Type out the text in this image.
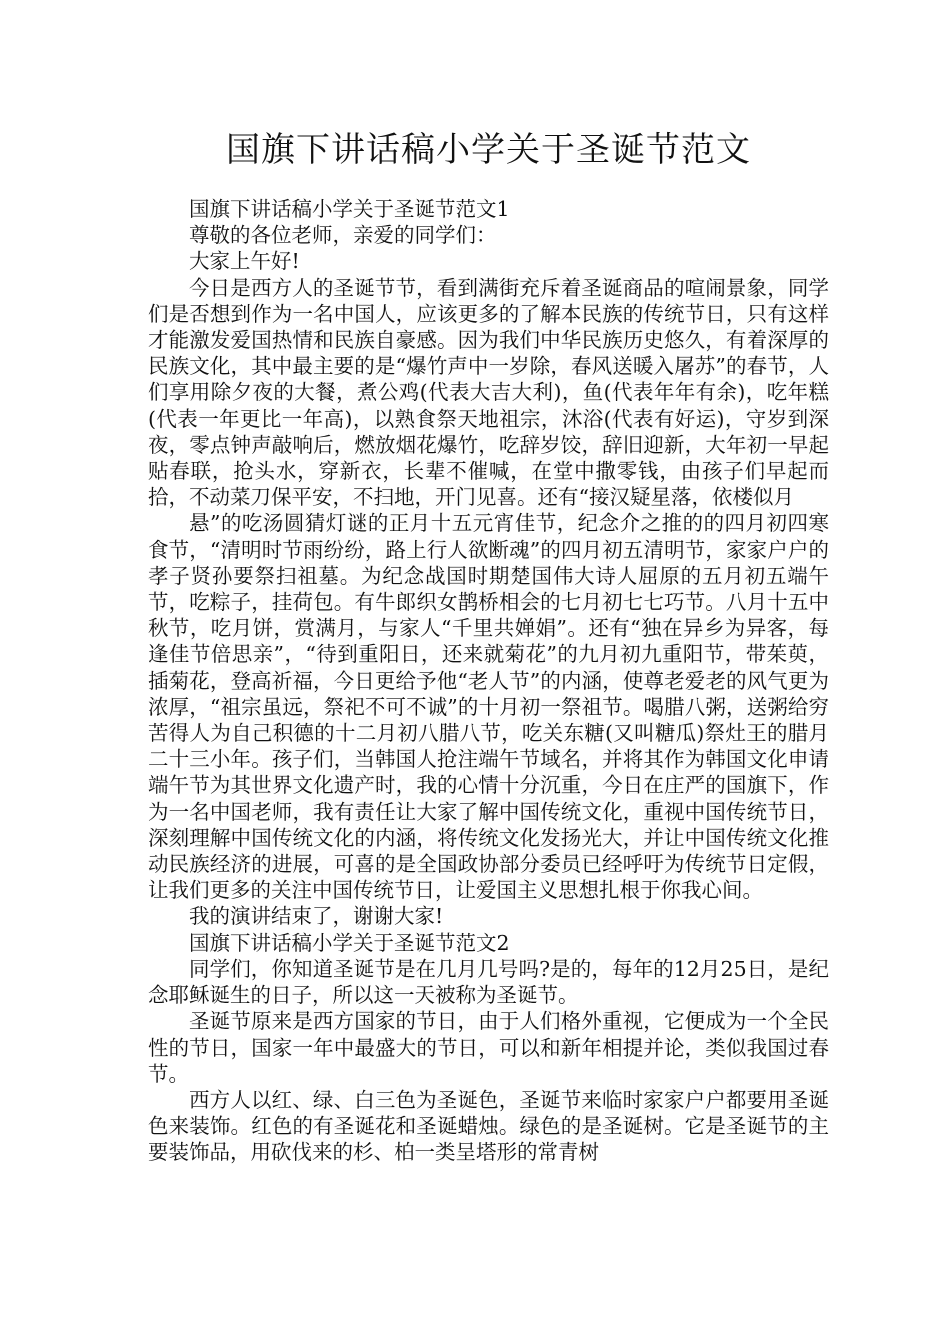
国旗下讲话稿小学关于圣诞节范文

国旗下讲话稿小学关于圣诞节范文1

尊敬的各位老师，亲爱的同学们：

大家上午好!

今日是西方人的圣诞节节，看到满街充斥着圣诞商品的喧闹景象，同学们是否想到作为一名中国人，应该更多的了解本民族的传统节日，只有这样才能激发爱国热情和民族自豪感。因为我们中华民族历史悠久，有着深厚的民族文化，其中最主要的是“爆竹声中一岁除，春风送暖入屠苏”的春节，人们享用除夕夜的大餐，煮公鸡(代表大吉大利)，鱼(代表年年有余)，吃年糕(代表一年更比一年高)，以熟食祭天地祖宗，沐浴(代表有好运)，守岁到深夜，零点钟声敲响后，燃放烟花爆竹，吃辞岁饺，辞旧迎新，大年初一早起贴春联，抢头水，穿新衣，长辈不催喊，在堂中撒零钱，由孩子们早起而拾，不动菜刀保平安，不扫地，开门见喜。还有“接汉疑星落，依楼似月

悬”的吃汤圆猜灯谜的正月十五元宵佳节，纪念介之推的的四月初四寒食节，“清明时节雨纷纷，路上行人欲断魂”的四月初五清明节，家家户户的孝子贤孙要祭扫祖墓。为纪念战国时期楚国伟大诗人屈原的五月初五端午节，吃粽子，挂荷包。有牛郎织女鹊桥相会的七月初七七巧节。八月十五中秋节，吃月饼，赏满月，与家人“千里共婵娟”。还有“独在异乡为异客，每逢佳节倍思亲”，“待到重阳日，还来就菊花”的九月初九重阳节，带茱萸，插菊花，登高祈福，今日更给予他“老人节”的内涵，使尊老爱老的风气更为浓厚，“祖宗虽远，祭祀不可不诚”的十月初一祭祖节。喝腊八粥，送粥给穷苦得人为自己积德的十二月初八腊八节，吃关东糖(又叫糖瓜)祭灶王的腊月二十三小年。孩子们，当韩国人抢注端午节域名，并将其作为韩国文化申请端午节为其世界文化遗产时，我的心情十分沉重，今日在庄严的国旗下，作为一名中国老师，我有责任让大家了解中国传统文化，重视中国传统节日，深刻理解中国传统文化的内涵，将传统文化发扬光大，并让中国传统文化推动民族经济的进展，可喜的是全国政协部分委员已经呼吁为传统节日定假，让我们更多的关注中国传统节日，让爱国主义思想扎根于你我心间。

我的演讲结束了，谢谢大家!

国旗下讲话稿小学关于圣诞节范文2

同学们，你知道圣诞节是在几月几号吗?是的，每年的12月25日，是纪念耶稣诞生的日子，所以这一天被称为圣诞节。

圣诞节原来是西方国家的节日，由于人们格外重视，它便成为一个全民性的节日，国家一年中最盛大的节日，可以和新年相提并论，类似我国过春节。

西方人以红、绿、白三色为圣诞色，圣诞节来临时家家户户都要用圣诞色来装饰。红色的有圣诞花和圣诞蜡烛。绿色的是圣诞树。它是圣诞节的主要装饰品，用砍伐来的杉、柏一类呈塔形的常青树
